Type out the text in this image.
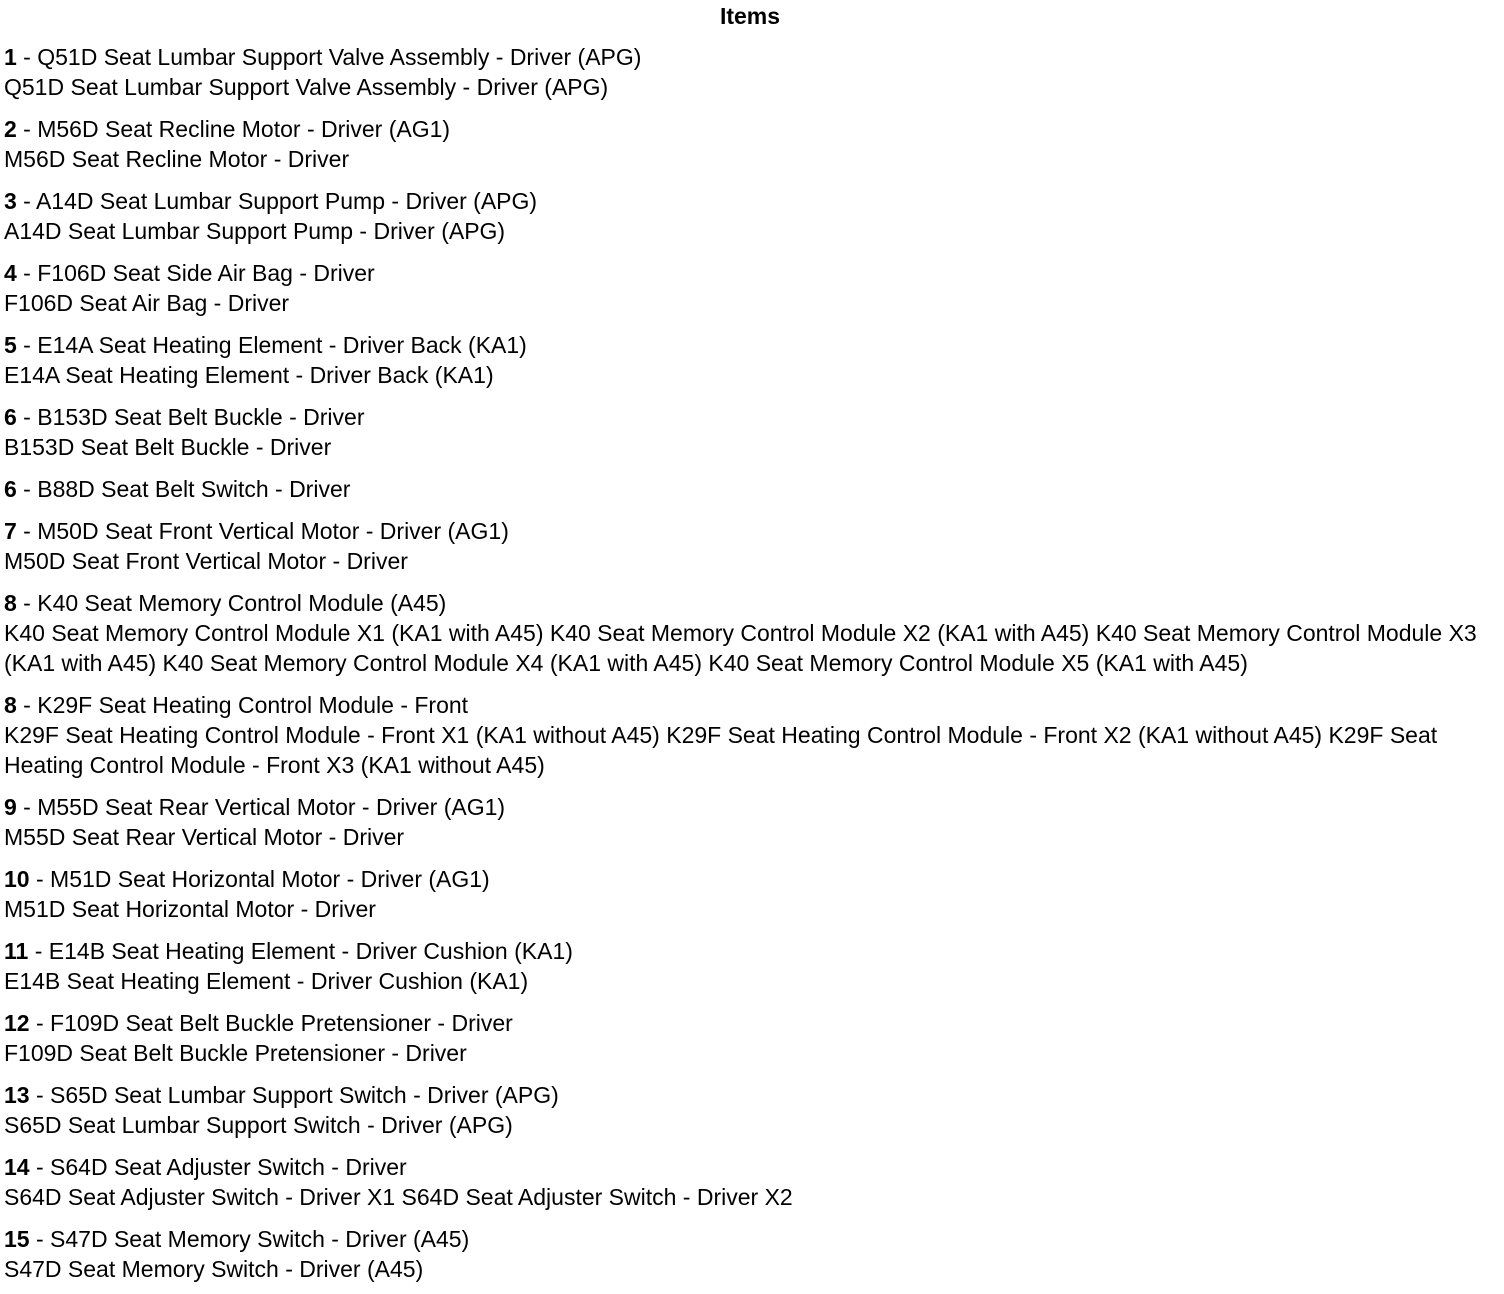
Items
1 - Q51D Seat Lumbar Support Valve Assembly - Driver (APG)
Q51D Seat Lumbar Support Valve Assembly - Driver (APG)
2 - M56D Seat Recline Motor - Driver (AG1)
M56D Seat Recline Motor - Driver
3 - A14D Seat Lumbar Support Pump - Driver (APG)
A14D Seat Lumbar Support Pump - Driver (APG)
4 - F106D Seat Side Air Bag - Driver
F106D Seat Air Bag - Driver
5 - E14A Seat Heating Element - Driver Back (KA1)
E14A Seat Heating Element - Driver Back (KA1)
6 - B153D Seat Belt Buckle - Driver
B153D Seat Belt Buckle - Driver
6 - B88D Seat Belt Switch - Driver
7 - M50D Seat Front Vertical Motor - Driver (AG1)
M50D Seat Front Vertical Motor - Driver
8 - K40 Seat Memory Control Module (A45)
K40 Seat Memory Control Module X1 (KA1 with A45) K40 Seat Memory Control Module X2 (KA1 with A45) K40 Seat Memory Control Module X3 (KA1 with A45) K40 Seat Memory Control Module X4 (KA1 with A45) K40 Seat Memory Control Module X5 (KA1 with A45)
8 - K29F Seat Heating Control Module - Front
K29F Seat Heating Control Module - Front X1 (KA1 without A45) K29F Seat Heating Control Module - Front X2 (KA1 without A45) K29F Seat Heating Control Module - Front X3 (KA1 without A45)
9 - M55D Seat Rear Vertical Motor - Driver (AG1)
M55D Seat Rear Vertical Motor - Driver
10 - M51D Seat Horizontal Motor - Driver (AG1)
M51D Seat Horizontal Motor - Driver
11 - E14B Seat Heating Element - Driver Cushion (KA1)
E14B Seat Heating Element - Driver Cushion (KA1)
12 - F109D Seat Belt Buckle Pretensioner - Driver
F109D Seat Belt Buckle Pretensioner - Driver
13 - S65D Seat Lumbar Support Switch - Driver (APG)
S65D Seat Lumbar Support Switch - Driver (APG)
14 - S64D Seat Adjuster Switch - Driver
S64D Seat Adjuster Switch - Driver X1 S64D Seat Adjuster Switch - Driver X2
15 - S47D Seat Memory Switch - Driver (A45)
S47D Seat Memory Switch - Driver (A45)
